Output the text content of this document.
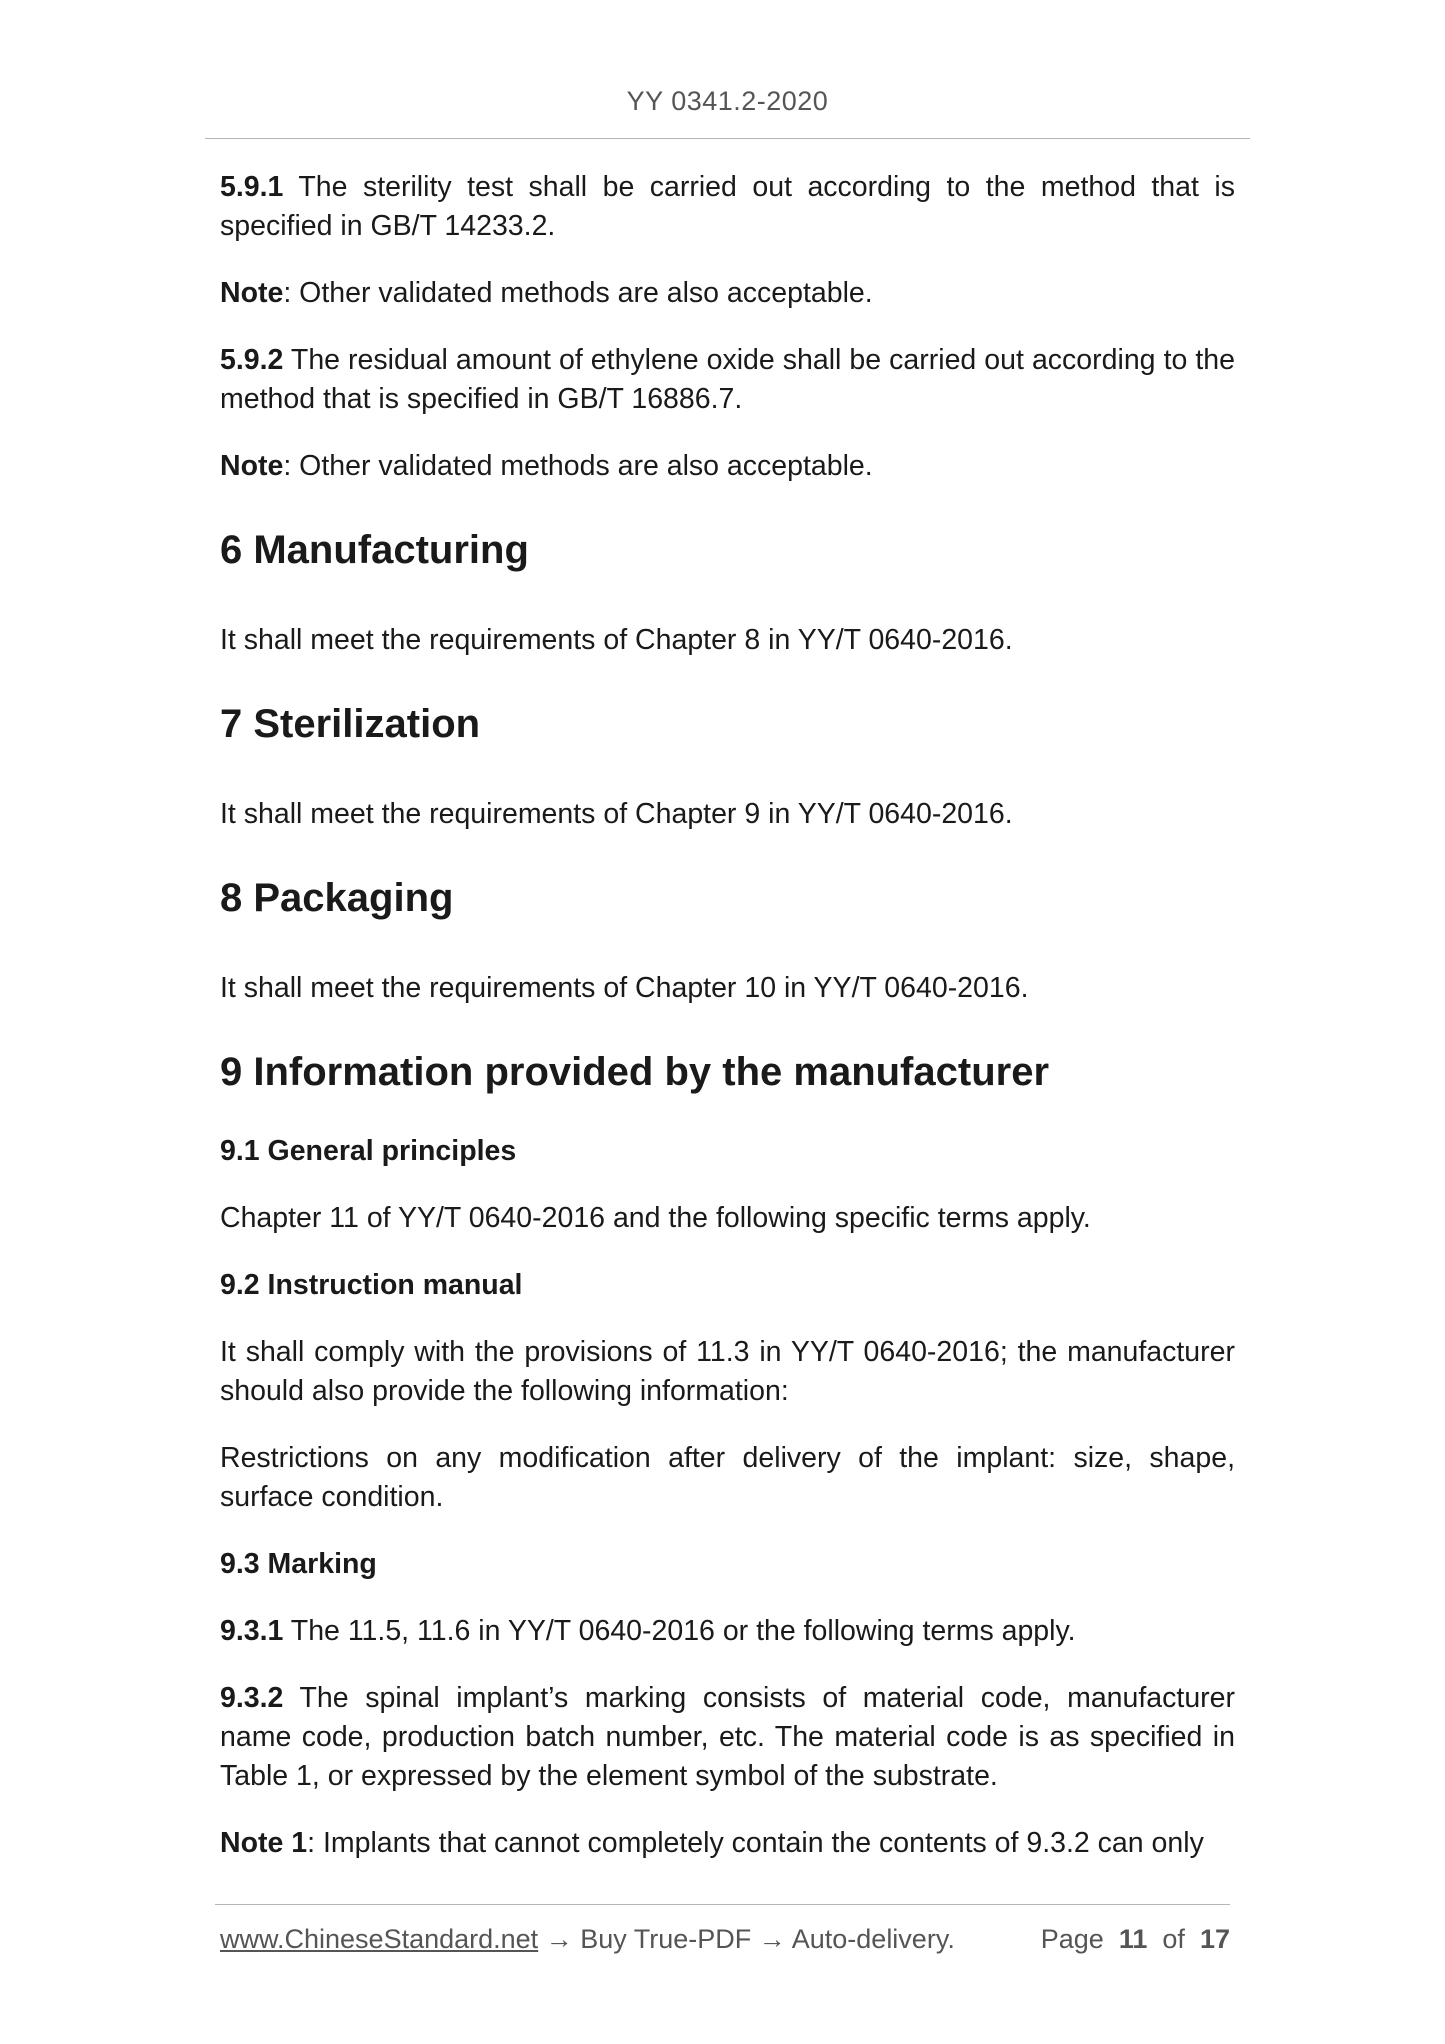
YY 0341.2-2020

5.9.1 The sterility test shall be carried out according to the method that is specified in GB/T 14233.2.

Note: Other validated methods are also acceptable.

5.9.2 The residual amount of ethylene oxide shall be carried out according to the method that is specified in GB/T 16886.7.

Note: Other validated methods are also acceptable.

6 Manufacturing

It shall meet the requirements of Chapter 8 in YY/T 0640-2016.

7 Sterilization

It shall meet the requirements of Chapter 9 in YY/T 0640-2016.

8 Packaging

It shall meet the requirements of Chapter 10 in YY/T 0640-2016.

9 Information provided by the manufacturer
9.1 General principles

Chapter 11 of YY/T 0640-2016 and the following specific terms apply.

9.2 Instruction manual

It shall comply with the provisions of 11.3 in YY/T 0640-2016; the manufacturer should also provide the following information:

Restrictions on any modification after delivery of the implant: size, shape, surface condition.

9.3 Marking

9.3.1 The 11.5, 11.6 in YY/T 0640-2016 or the following terms apply.

9.3.2 The spinal implant’s marking consists of material code, manufacturer name code, production batch number, etc. The material code is as specified in Table 1, or expressed by the element symbol of the substrate.

Note 1: Implants that cannot completely contain the contents of 9.3.2 can only

www.ChineseStandard.net → Buy True-PDF → Auto-delivery.	Page 11 of 17
